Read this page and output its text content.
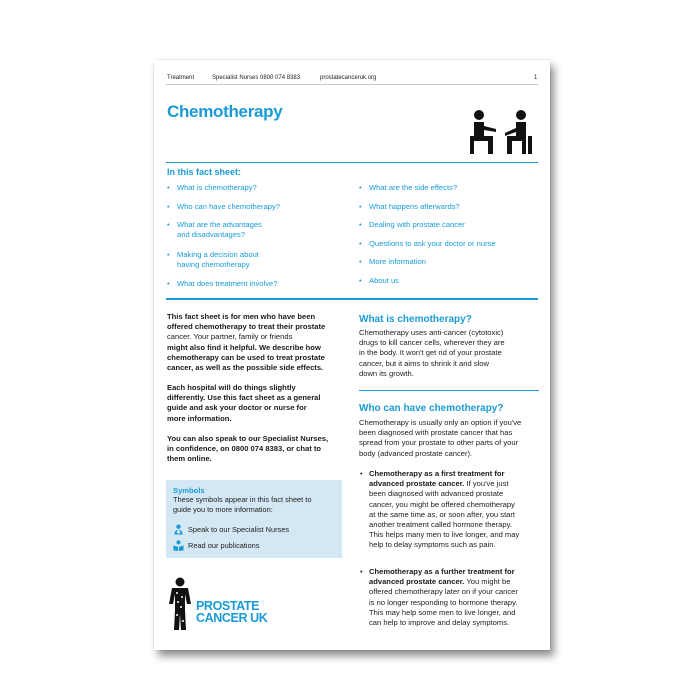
Treatment	Specialist Nurses 0800 074 8383	prostatecanceruk.org	1
Chemotherapy
In this fact sheet:
• What is chemotherapy?
• Who can have chemotherapy?
• What are the advantages
and disadvantages?
• Making a decision about
having chemotherapy
• What does treatment involve?
• What are the side effects?
• What happens afterwards?
• Dealing with prostate cancer
• Questions to ask your doctor or nurse
• More information
• About us
This fact sheet is for men who have been
offered chemotherapy to treat their prostate
cancer. Your partner, family or friends
might also find it helpful. We describe how
chemotherapy can be used to treat prostate
cancer, as well as the possible side effects.
Each hospital will do things slightly
differently. Use this fact sheet as a general
guide and ask your doctor or nurse for
more information.
You can also speak to our Specialist Nurses,
in confidence, on 0800 074 8383, or chat to
them online.
Symbols
These symbols appear in this fact sheet to
guide you to more information:
Speak to our Specialist Nurses
Read our publications
PROSTATE
CANCER UK
What is chemotherapy?
Chemotherapy uses anti-cancer (cytotoxic)
drugs to kill cancer cells, wherever they are
in the body. It won't get rid of your prostate
cancer, but it aims to shrink it and slow
down its growth.
Who can have chemotherapy?
Chemotherapy is usually only an option if you've
been diagnosed with prostate cancer that has
spread from your prostate to other parts of your
body (advanced prostate cancer).
• Chemotherapy as a first treatment for
advanced prostate cancer. If you've just
been diagnosed with advanced prostate
cancer, you might be offered chemotherapy
at the same time as, or soon after, you start
another treatment called hormone therapy.
This helps many men to live longer, and may
help to delay symptoms such as pain.
• Chemotherapy as a further treatment for
advanced prostate cancer. You might be
offered chemotherapy later on if your cancer
is no longer responding to hormone therapy.
This may help some men to live longer, and
can help to improve and delay symptoms.
